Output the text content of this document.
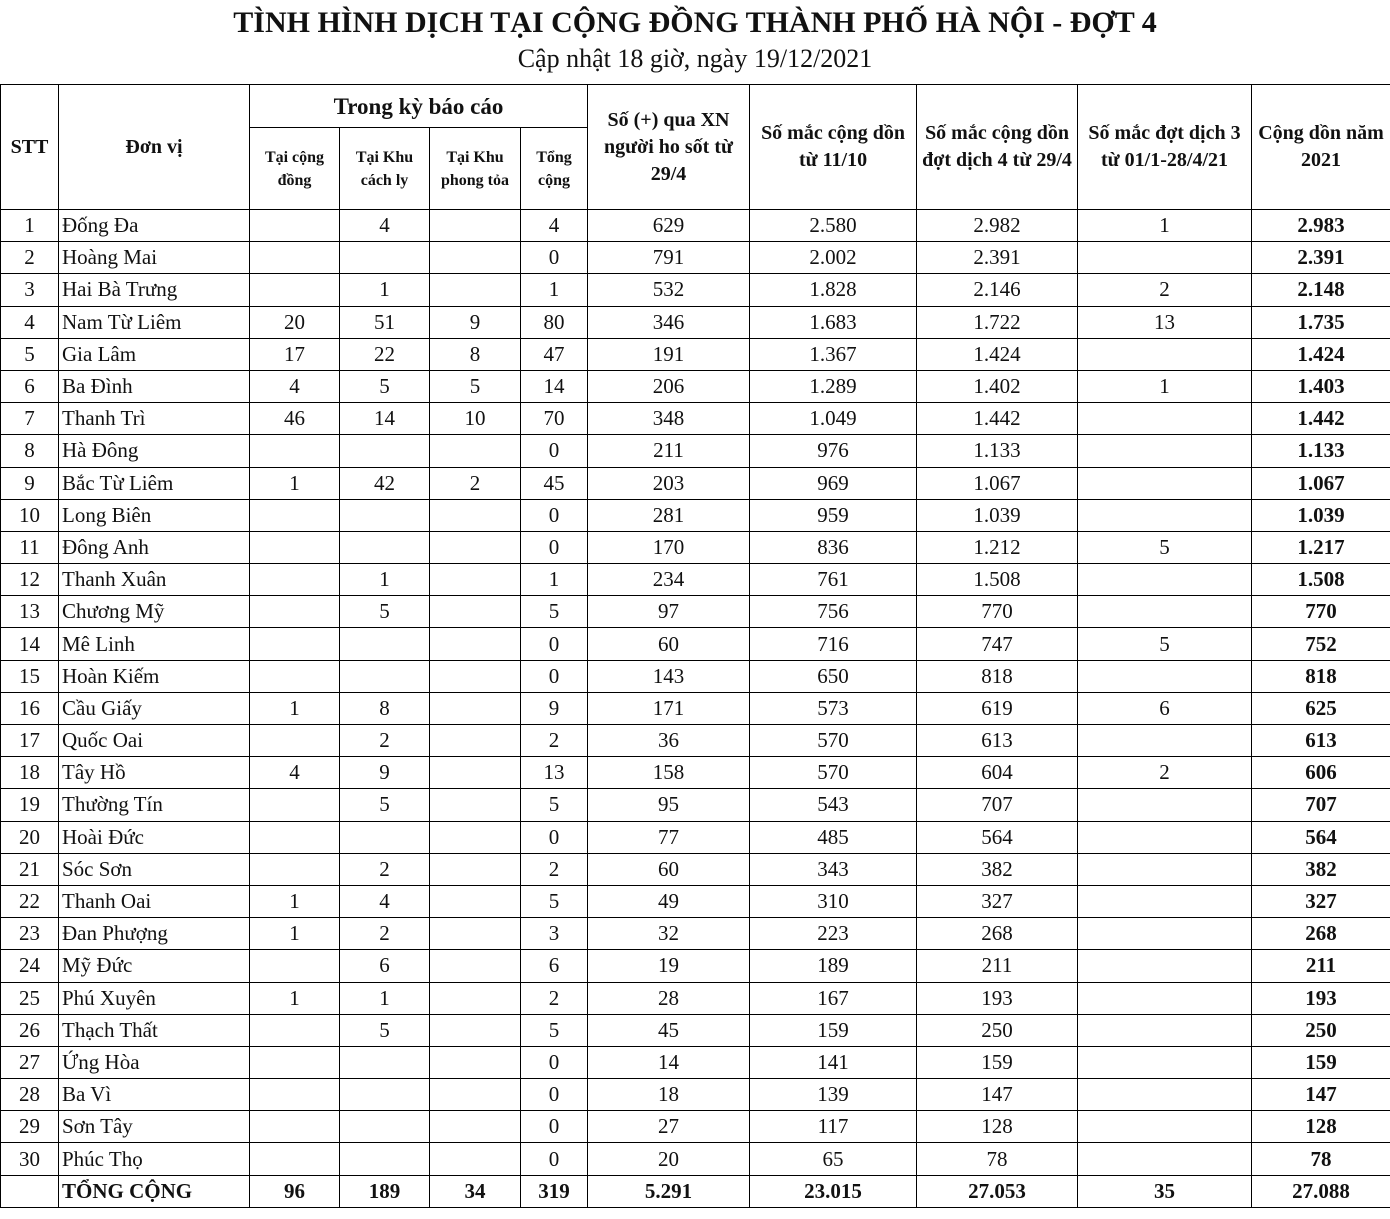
TÌNH HÌNH DỊCH TẠI CỘNG ĐỒNG THÀNH PHỐ HÀ NỘI - ĐỢT 4
Cập nhật 18 giờ, ngày 19/12/2021
STT	Đơn vị	Trong kỳ báo cáo				Số (+) qua XN người ho sốt từ 29/4	Số mắc cộng dồn từ 11/10	Số mắc cộng dồn đợt dịch 4 từ 29/4	Số mắc đợt dịch 3 từ 01/1-28/4/21	Cộng dồn năm 2021
		Tại cộng đồng	Tại Khu cách ly	Tại Khu phong tỏa	Tổng cộng					
1	Đống Đa		4		4	629	2.580	2.982	1	2.983
2	Hoàng Mai				0	791	2.002	2.391		2.391
3	Hai Bà Trưng		1		1	532	1.828	2.146	2	2.148
4	Nam Từ Liêm	20	51	9	80	346	1.683	1.722	13	1.735
5	Gia Lâm	17	22	8	47	191	1.367	1.424		1.424
6	Ba Đình	4	5	5	14	206	1.289	1.402	1	1.403
7	Thanh Trì	46	14	10	70	348	1.049	1.442		1.442
8	Hà Đông				0	211	976	1.133		1.133
9	Bắc Từ Liêm	1	42	2	45	203	969	1.067		1.067
10	Long Biên				0	281	959	1.039		1.039
11	Đông Anh				0	170	836	1.212	5	1.217
12	Thanh Xuân		1		1	234	761	1.508		1.508
13	Chương Mỹ		5		5	97	756	770		770
14	Mê Linh				0	60	716	747	5	752
15	Hoàn Kiếm				0	143	650	818		818
16	Cầu Giấy	1	8		9	171	573	619	6	625
17	Quốc Oai		2		2	36	570	613		613
18	Tây Hồ	4	9		13	158	570	604	2	606
19	Thường Tín		5		5	95	543	707		707
20	Hoài Đức				0	77	485	564		564
21	Sóc Sơn		2		2	60	343	382		382
22	Thanh Oai	1	4		5	49	310	327		327
23	Đan Phượng	1	2		3	32	223	268		268
24	Mỹ Đức		6		6	19	189	211		211
25	Phú Xuyên	1	1		2	28	167	193		193
26	Thạch Thất		5		5	45	159	250		250
27	Ứng Hòa				0	14	141	159		159
28	Ba Vì				0	18	139	147		147
29	Sơn Tây				0	27	117	128		128
30	Phúc Thọ				0	20	65	78		78
	TỔNG CỘNG	96	189	34	319	5.291	23.015	27.053	35	27.088
